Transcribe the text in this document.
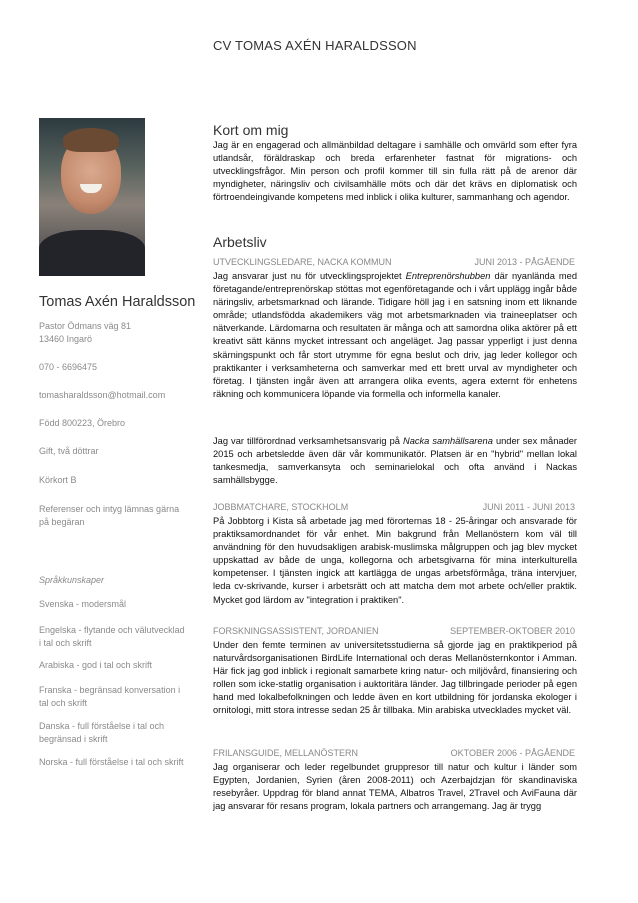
CV TOMAS AXÉN HARALDSSON
Tomas Axén Haraldsson
Pastor Ödmans väg 81
13460 Ingarö
070 - 6696475
tomasharaldsson@hotmail.com
Född 800223, Örebro
Gift, två döttrar
Körkort B
Referenser och intyg lämnas gärna på begäran
Språkkunskaper
Svenska - modersmål
Engelska - flytande och välutvecklad i tal och skrift
Arabiska - god i tal och skrift
Franska - begränsad konversation i tal och skrift
Danska - full förståelse i tal och begränsad i skrift
Norska - full förståelse i tal och skrift
Kort om mig
Jag är en engagerad och allmänbildad deltagare i samhälle och omvärld som efter fyra utlandsår, föräldraskap och breda erfarenheter fastnat för migrations- och utvecklingsfrågor. Min person och profil kommer till sin fulla rätt på de arenor där myndigheter, näringsliv och civilsamhälle möts och där det krävs en diplomatisk och förtroendeingivande kompetens med inblick i olika kulturer, sammanhang och agendor.
Arbetsliv
UTVECKLINGSLEDARE, NACKA KOMMUN	JUNI 2013 - PÅGÅENDE
Jag ansvarar just nu för utvecklingsprojektet Entreprenörshubben där nyanlända med företagande/entreprenörskap stöttas mot egenföretagande och i vårt upplägg ingår både näringsliv, arbetsmarknad och lärande. Tidigare höll jag i en satsning inom ett liknande område; utlandsfödda akademikers väg mot arbetsmarknaden via traineeplatser och nätverkande. Lärdomarna och resultaten är många och att samordna olika aktörer på ett kreativt sätt känns mycket intressant och angeläget. Jag passar ypperligt i just denna skärningspunkt och får stort utrymme för egna beslut och driv, jag leder kollegor och praktikanter i verksamheterna och samverkar med ett brett urval av myndigheter och företag. I tjänsten ingår även att arrangera olika events, agera externt för enhetens räkning och kommunicera löpande via formella och informella kanaler.
Jag var tillförordnad verksamhetsansvarig på Nacka samhällsarena under sex månader 2015 och arbetsledde även där vår kommunikatör. Platsen är en "hybrid" mellan lokal tankesmedja, samverkansyta och seminarielokal och ofta använd i Nackas samhällsbygge.
JOBBMATCHARE, STOCKHOLM	JUNI 2011 - JUNI 2013
På Jobbtorg i Kista så arbetade jag med förorternas 18 - 25-åringar och ansvarade för praktiksamordnandet för vår enhet. Min bakgrund från Mellanöstern kom väl till användning för den huvudsakligen arabisk-muslimska målgruppen och jag blev mycket uppskattad av både de unga, kollegorna och arbetsgivarna för mina interkulturella kompetenser. I tjänsten ingick att kartlägga de ungas arbetsförmåga, träna intervjuer, leda cv-skrivande, kurser i arbetsrätt och att matcha dem mot arbete och/eller praktik. Mycket god lärdom av "integration i praktiken".
FORSKNINGSASSISTENT, JORDANIEN	SEPTEMBER-OKTOBER 2010
Under den femte terminen av universitetsstudierna så gjorde jag en praktikperiod på naturvårdsorganisationen BirdLife International och deras Mellanösternkontor i Amman. Här fick jag god inblick i regionalt samarbete kring natur- och miljövård, finansiering och rollen som icke-statlig organisation i auktoritära länder. Jag tillbringade perioder på egen hand med lokalbefolkningen och ledde även en kort utbildning för jordanska ekologer i ornitologi, mitt stora intresse sedan 25 år tillbaka. Min arabiska utvecklades mycket väl.
FRILANSGUIDE, MELLANÖSTERN	OKTOBER 2006 - PÅGÅENDE
Jag organiserar och leder regelbundet gruppresor till natur och kultur i länder som Egypten, Jordanien, Syrien (åren 2008-2011) och Azerbajdzjan för skandinaviska resebyråer. Uppdrag för bland annat TEMA, Albatros Travel, 2Travel och AviFauna där jag ansvarar för resans program, lokala partners och arrangemang. Jag är trygg
